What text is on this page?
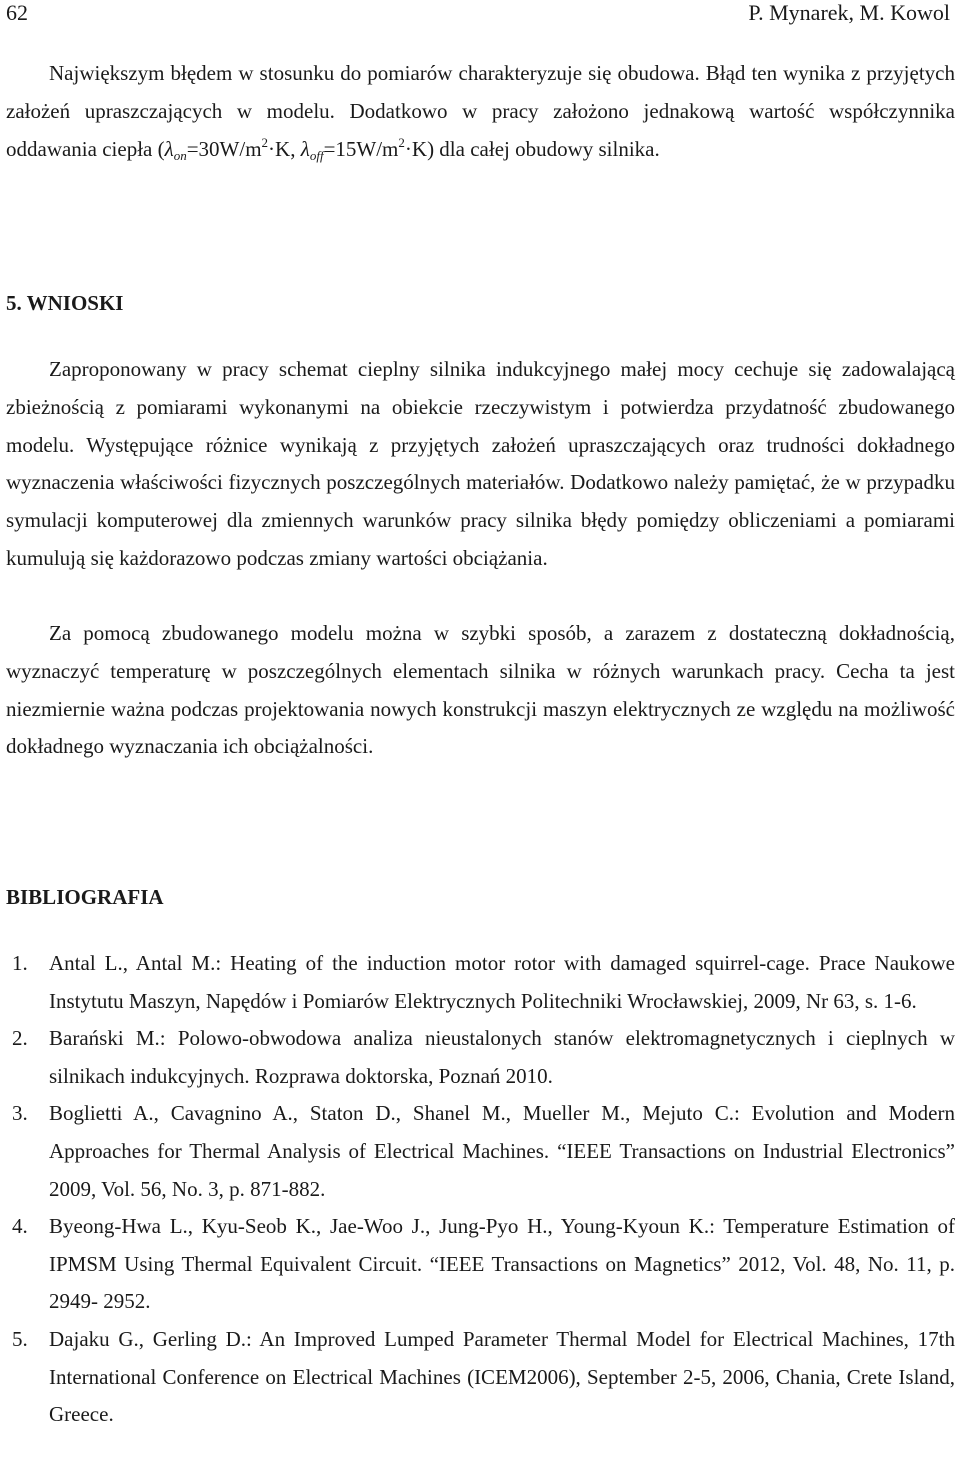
62	P. Mynarek, M. Kowol

Największym błędem w stosunku do pomiarów charakteryzuje się obudowa. Błąd ten wynika z przyjętych założeń upraszczających w modelu. Dodatkowo w pracy założono jednakową wartość współczynnika oddawania ciepła ($\lambda_{on}=30W/m^2\cdot K$, $\lambda_{off}=15W/m^2\cdot K$) dla całej obudowy silnika.

5. WNIOSKI

Zaproponowany w pracy schemat cieplny silnika indukcyjnego małej mocy cechuje się zadowalającą zbieżnością z pomiarami wykonanymi na obiekcie rzeczywistym i potwierdza przydatność zbudowanego modelu. Występujące różnice wynikają z przyjętych założeń upraszczających oraz trudności dokładnego wyznaczenia właściwości fizycznych poszczególnych materiałów. Dodatkowo należy pamiętać, że w przypadku symulacji komputerowej dla zmiennych warunków pracy silnika błędy pomiędzy obliczeniami a pomiarami kumulują się każdorazowo podczas zmiany wartości obciążania.

Za pomocą zbudowanego modelu można w szybki sposób, a zarazem z dostateczną dokładnością, wyznaczyć temperaturę w poszczególnych elementach silnika w różnych warunkach pracy. Cecha ta jest niezmiernie ważna podczas projektowania nowych konstrukcji maszyn elektrycznych ze względu na możliwość dokładnego wyznaczania ich obciążalności.

BIBLIOGRAFIA
1. Antal L., Antal M.: Heating of the induction motor rotor with damaged squirrel-cage. Prace Naukowe Instytutu Maszyn, Napędów i Pomiarów Elektrycznych Politechniki Wrocławskiej, 2009, Nr 63, s. 1-6.
2. Barański M.: Polowo-obwodowa analiza nieustalonych stanów elektromagnetycznych i cieplnych w silnikach indukcyjnych. Rozprawa doktorska, Poznań 2010.
3. Boglietti A., Cavagnino A., Staton D., Shanel M., Mueller M., Mejuto C.: Evolution and Modern Approaches for Thermal Analysis of Electrical Machines. “IEEE Transactions on Industrial Electronics” 2009, Vol. 56, No. 3, p. 871-882.
4. Byeong-Hwa L., Kyu-Seob K., Jae-Woo J., Jung-Pyo H., Young-Kyoun K.: Temperature Estimation of IPMSM Using Thermal Equivalent Circuit. “IEEE Transactions on Magnetics” 2012, Vol. 48, No. 11, p. 2949- 2952.
5. Dajaku G., Gerling D.: An Improved Lumped Parameter Thermal Model for Electrical Machines, 17th International Conference on Electrical Machines (ICEM2006), September 2-5, 2006, Chania, Crete Island, Greece.
